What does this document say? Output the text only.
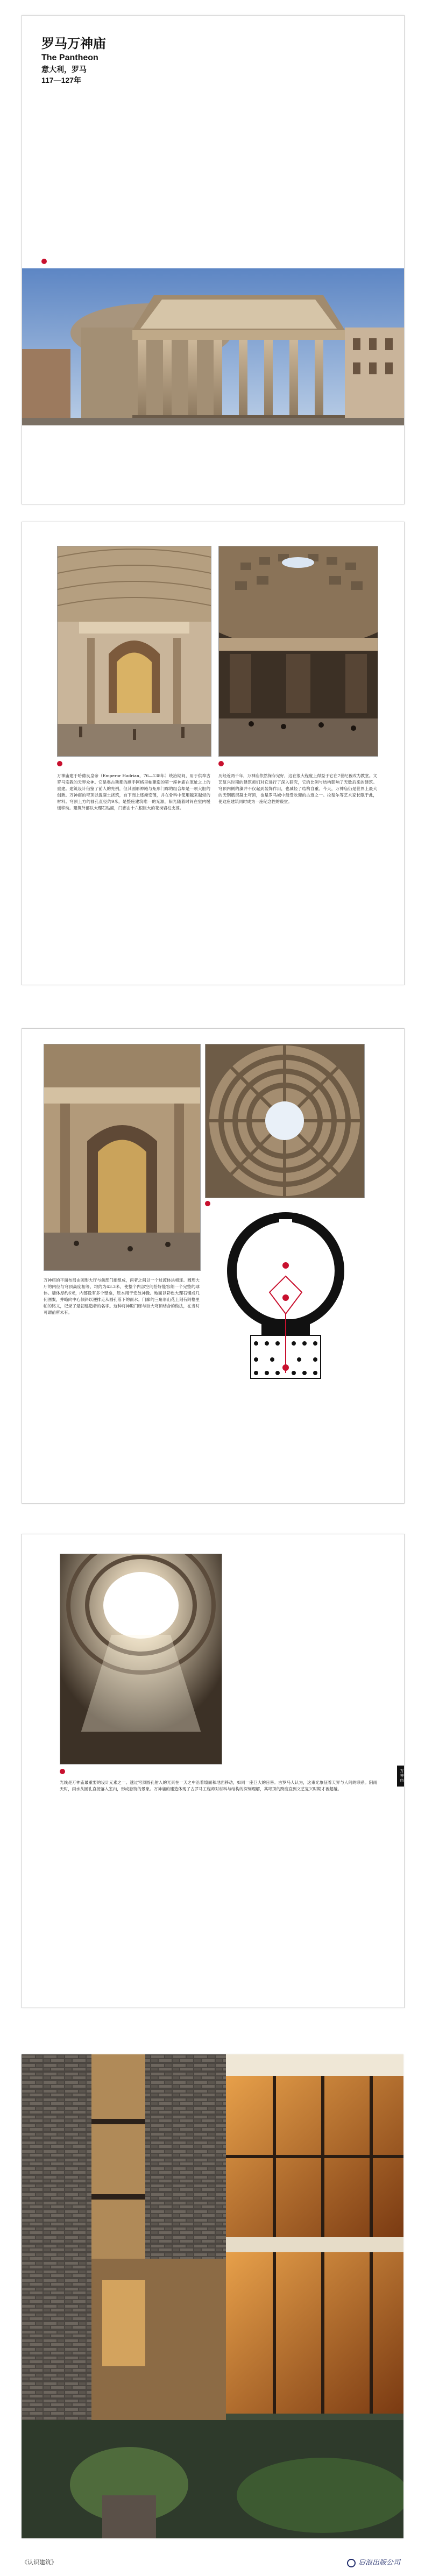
罗马万神庙
The Pantheon
意大利，罗马
117—127年
万神庙建于哈德良皇帝（Emperor Hadrian，76—138年）统治期间，用于供奉古罗马宗教的天界众神。它是奥古斯都的副手阿格里帕建造的第一座神庙在原址之上的重建。建筑设计借鉴了前人的先例，但其圆形神殿与矩形门廊的组合却是一项大胆的创新。万神庙的穹顶以混凝土浇筑，自下而上逐渐变薄，并在骨料中使用越来越轻的材料。穹顶上方的圆孔直径约9米，是整座建筑唯一的光源，阳光随着时间在室内缓缓移动。建筑外部以大理石贴面，门廊由十六根巨大的花岗岩柱支撑。
历经近两千年，万神庙依然保存完好，这在很大程度上得益于它在7世纪被改为教堂。文艺复兴时期的建筑师们对它进行了深入研究，它的比例与结构影响了无数后来的建筑。穹顶内侧的藻井不仅起到装饰作用，也减轻了结构自重。今天，万神庙仍是世界上最大的无钢筋混凝土穹顶，也是罗马城中最受欢迎的古迹之一。拉斐尔等艺术家长眠于此，使这座建筑同时成为一座纪念性的殿堂。
万神庙的平面布局由圆形大厅与前部门廊组成，两者之间以一个过渡体块相连。圆形大厅的内径与穹顶高度相等，均约为43.3米，使整个内部空间恰好能容纳一个完整的球体。墙体厚约6米，内部设有多个壁龛，原本用于安放神像。地面以彩色大理石铺成几何图案，并略向中心倾斜以便排走从圆孔落下的雨水。门廊的三角形山花上刻有阿格里帕的铭文，记录了最初建造者的名字。这种将神殿门廊与巨大穹顶结合的做法，在当时可谓前所未有。
光线是万神庙最重要的设计元素之一。透过穹顶圆孔射入的光束在一天之中沿着墙面和地面移动，如同一座巨大的日晷。古罗马人认为，这束光象征着天界与人间的联系。阴雨天时，雨水从圆孔直接落入室内，形成独特的景象。万神庙的建造体现了古罗马工程师对材料与结构的深刻理解，其穹顶的跨度直到文艺复兴时期才被超越。
万神庙
《认识建筑》	后浪出版公司
